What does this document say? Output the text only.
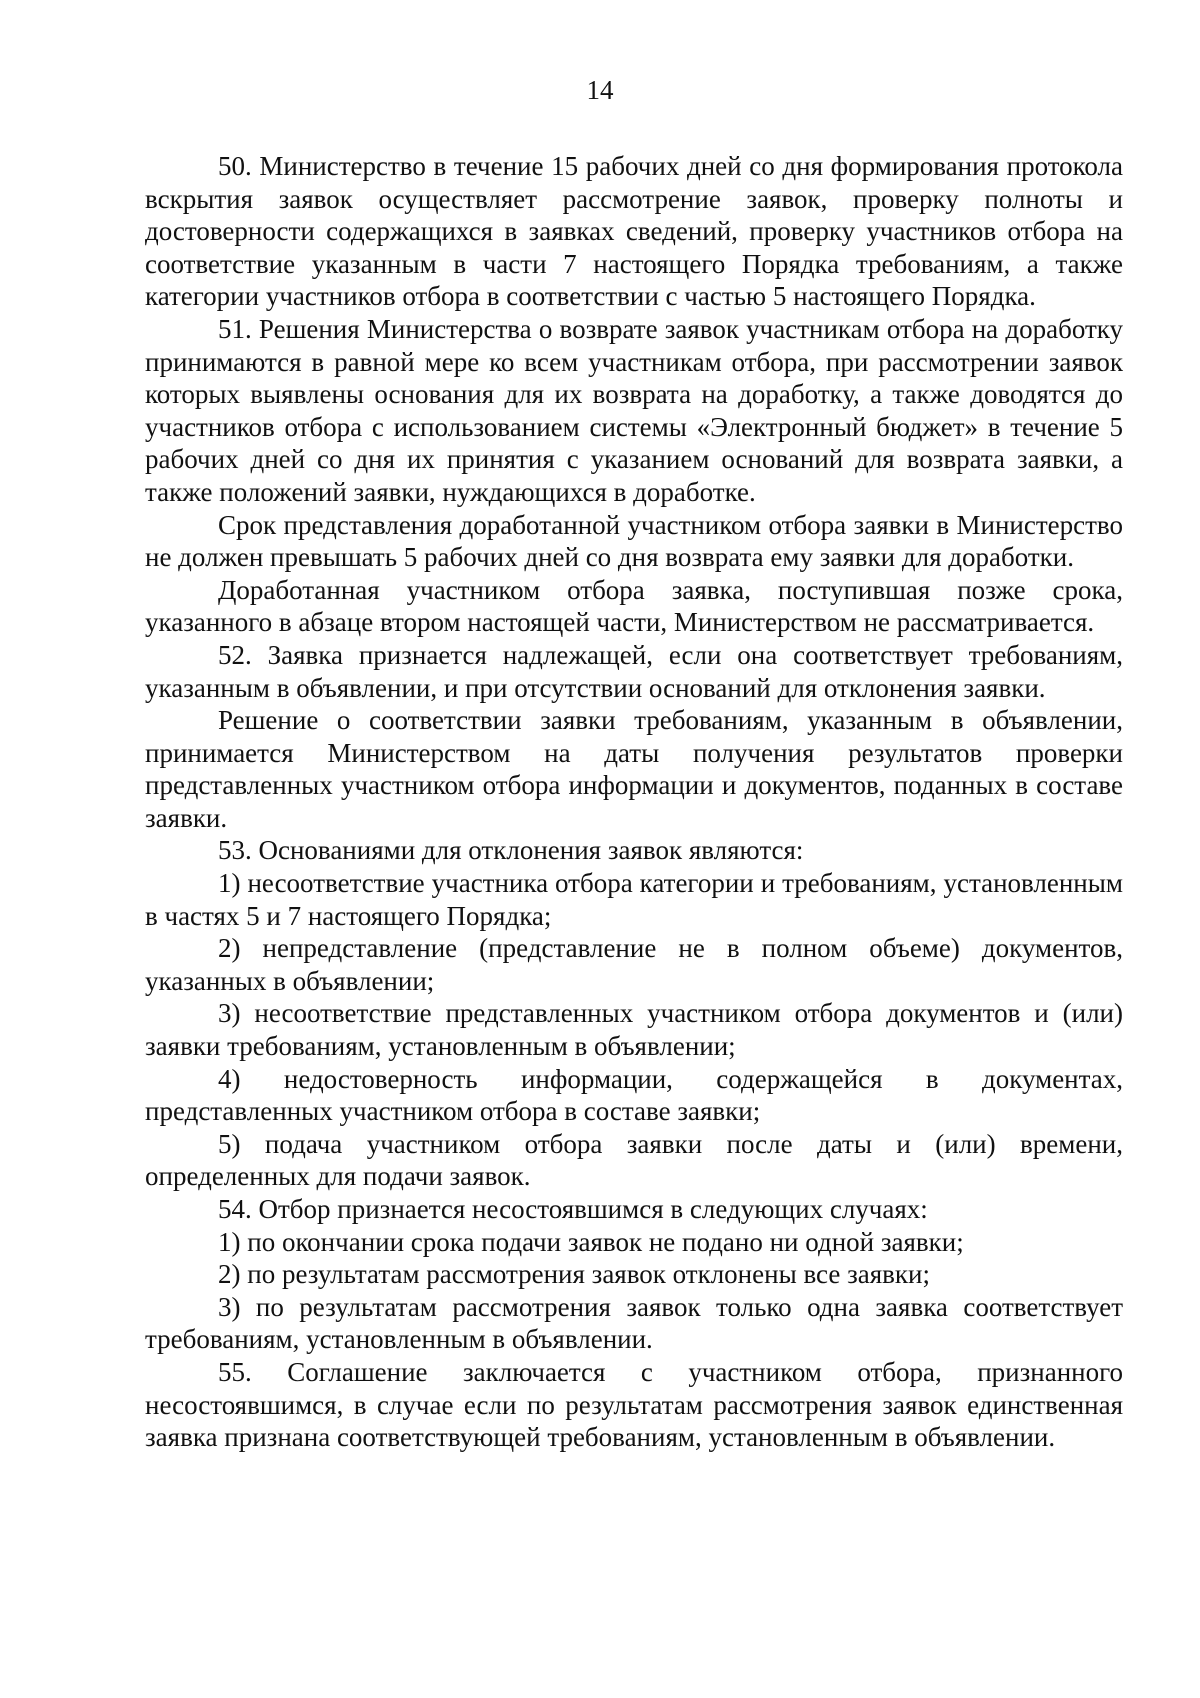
14

50. Министерство в течение 15 рабочих дней со дня формирования протокола вскрытия заявок осуществляет рассмотрение заявок, проверку полноты и достоверности содержащихся в заявках сведений, проверку участников отбора на соответствие указанным в части 7 настоящего Порядка требованиям, а также категории участников отбора в соответствии с частью 5 настоящего Порядка.

51. Решения Министерства о возврате заявок участникам отбора на доработку принимаются в равной мере ко всем участникам отбора, при рассмотрении заявок которых выявлены основания для их возврата на доработку, а также доводятся до участников отбора с использованием системы «Электронный бюджет» в течение 5 рабочих дней со дня их принятия с указанием оснований для возврата заявки, а также положений заявки, нуждающихся в доработке.

Срок представления доработанной участником отбора заявки в Министерство не должен превышать 5 рабочих дней со дня возврата ему заявки для доработки.

Доработанная участником отбора заявка, поступившая позже срока, указанного в абзаце втором настоящей части, Министерством не рассматривается.

52. Заявка признается надлежащей, если она соответствует требованиям, указанным в объявлении, и при отсутствии оснований для отклонения заявки.

Решение о соответствии заявки требованиям, указанным в объявлении, принимается Министерством на даты получения результатов проверки представленных участником отбора информации и документов, поданных в составе заявки.

53. Основаниями для отклонения заявок являются:

1) несоответствие участника отбора категории и требованиям, установленным в частях 5 и 7 настоящего Порядка;

2) непредставление (представление не в полном объеме) документов, указанных в объявлении;

3) несоответствие представленных участником отбора документов и (или) заявки требованиям, установленным в объявлении;

4) недостоверность информации, содержащейся в документах, представленных участником отбора в составе заявки;

5) подача участником отбора заявки после даты и (или) времени, определенных для подачи заявок.

54. Отбор признается несостоявшимся в следующих случаях:

1) по окончании срока подачи заявок не подано ни одной заявки;

2) по результатам рассмотрения заявок отклонены все заявки;

3) по результатам рассмотрения заявок только одна заявка соответствует требованиям, установленным в объявлении.

55. Соглашение заключается с участником отбора, признанного несостоявшимся, в случае если по результатам рассмотрения заявок единственная заявка признана соответствующей требованиям, установленным в объявлении.
